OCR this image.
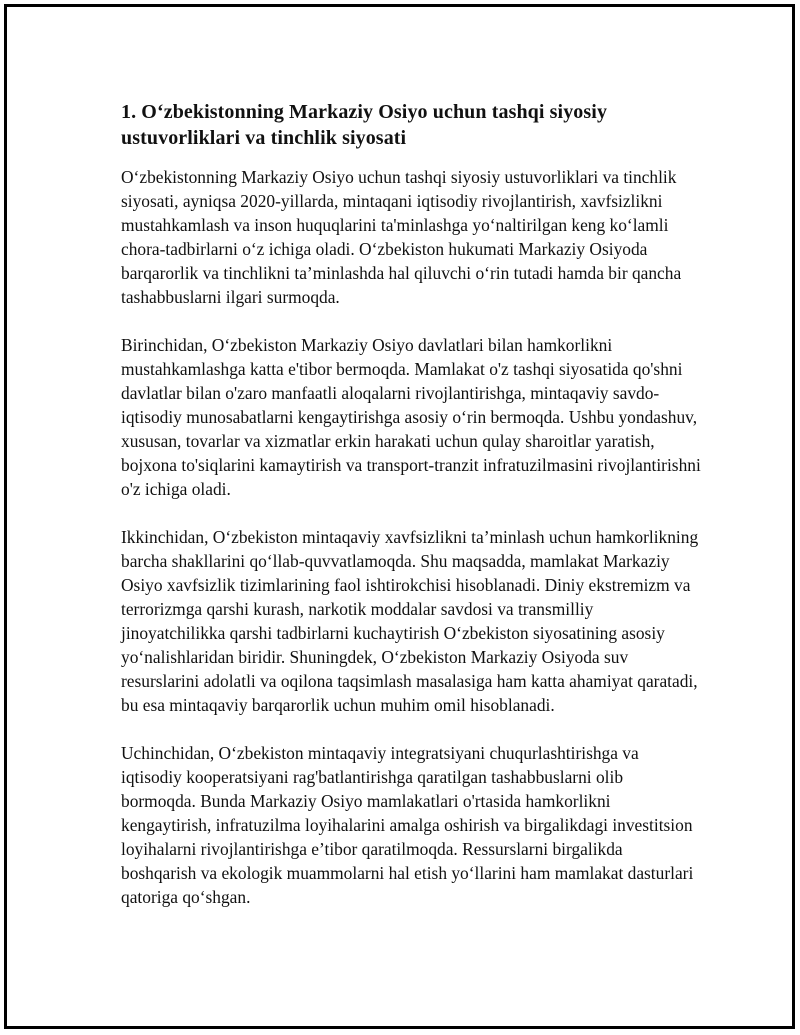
1. O‘zbekistonning Markaziy Osiyo uchun tashqi siyosiy ustuvorliklari va tinchlik siyosati

O‘zbekistonning Markaziy Osiyo uchun tashqi siyosiy ustuvorliklari va tinchlik siyosati, ayniqsa 2020-yillarda, mintaqani iqtisodiy rivojlantirish, xavfsizlikni mustahkamlash va inson huquqlarini ta'minlashga yo‘naltirilgan keng ko‘lamli chora-tadbirlarni o‘z ichiga oladi. O‘zbekiston hukumati Markaziy Osiyoda barqarorlik va tinchlikni ta’minlashda hal qiluvchi o‘rin tutadi hamda bir qancha tashabbuslarni ilgari surmoqda.

Birinchidan, O‘zbekiston Markaziy Osiyo davlatlari bilan hamkorlikni mustahkamlashga katta e'tibor bermoqda. Mamlakat o'z tashqi siyosatida qo'shni davlatlar bilan o'zaro manfaatli aloqalarni rivojlantirishga, mintaqaviy savdo-iqtisodiy munosabatlarni kengaytirishga asosiy o‘rin bermoqda. Ushbu yondashuv, xususan, tovarlar va xizmatlar erkin harakati uchun qulay sharoitlar yaratish, bojxona to'siqlarini kamaytirish va transport-tranzit infratuzilmasini rivojlantirishni o'z ichiga oladi.

Ikkinchidan, O‘zbekiston mintaqaviy xavfsizlikni ta’minlash uchun hamkorlikning barcha shakllarini qo‘llab-quvvatlamoqda. Shu maqsadda, mamlakat Markaziy Osiyo xavfsizlik tizimlarining faol ishtirokchisi hisoblanadi. Diniy ekstremizm va terrorizmga qarshi kurash, narkotik moddalar savdosi va transmilliy jinoyatchilikka qarshi tadbirlarni kuchaytirish O‘zbekiston siyosatining asosiy yo‘nalishlaridan biridir. Shuningdek, O‘zbekiston Markaziy Osiyoda suv resurslarini adolatli va oqilona taqsimlash masalasiga ham katta ahamiyat qaratadi, bu esa mintaqaviy barqarorlik uchun muhim omil hisoblanadi.

Uchinchidan, O‘zbekiston mintaqaviy integratsiyani chuqurlashtirishga va iqtisodiy kooperatsiyani rag'batlantirishga qaratilgan tashabbuslarni olib bormoqda. Bunda Markaziy Osiyo mamlakatlari o'rtasida hamkorlikni kengaytirish, infratuzilma loyihalarini amalga oshirish va birgalikdagi investitsion loyihalarni rivojlantirishga e’tibor qaratilmoqda. Ressurslarni birgalikda boshqarish va ekologik muammolarni hal etish yo‘llarini ham mamlakat dasturlari qatoriga qo‘shgan.
